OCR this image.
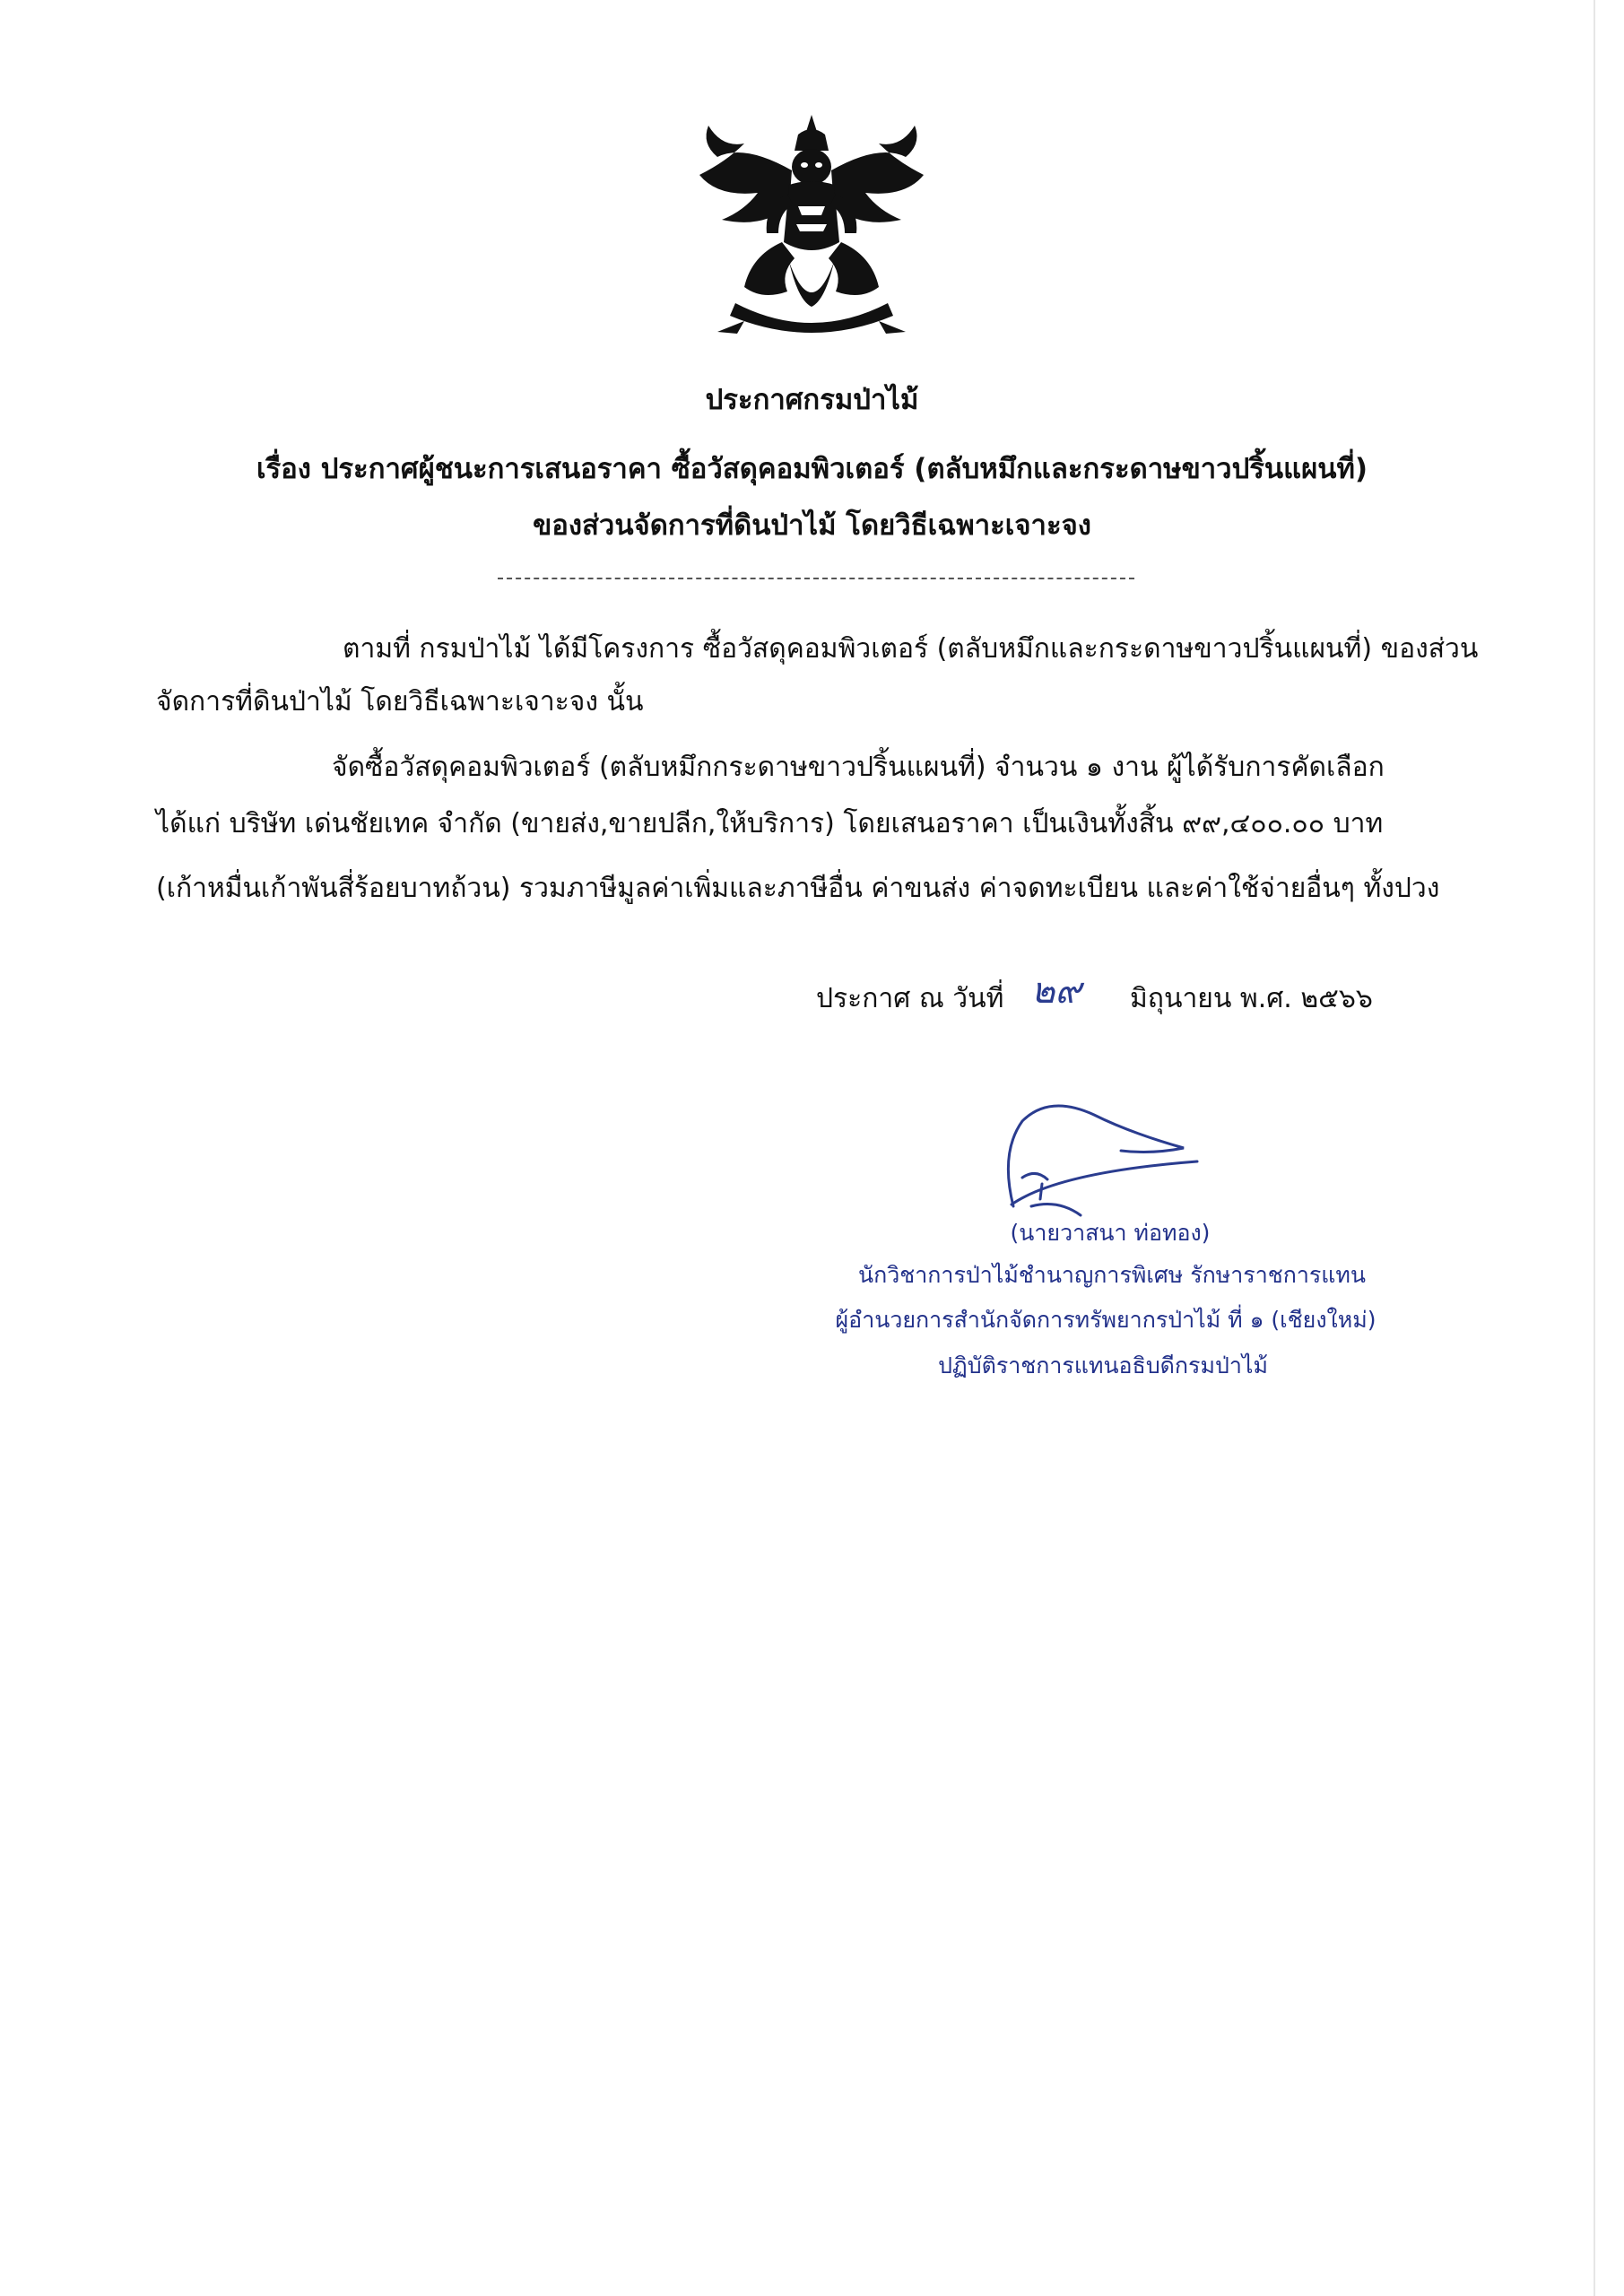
ประกาศกรมป่าไม้
เรื่อง ประกาศผู้ชนะการเสนอราคา ซื้อวัสดุคอมพิวเตอร์ (ตลับหมึกและกระดาษขาวปริ้นแผนที่)
ของส่วนจัดการที่ดินป่าไม้ โดยวิธีเฉพาะเจาะจง
ตามที่ กรมป่าไม้ ได้มีโครงการ ซื้อวัสดุคอมพิวเตอร์ (ตลับหมึกและกระดาษขาวปริ้นแผนที่) ของส่วน
จัดการที่ดินป่าไม้ โดยวิธีเฉพาะเจาะจง นั้น
จัดซื้อวัสดุคอมพิวเตอร์ (ตลับหมึกกระดาษขาวปริ้นแผนที่) จำนวน ๑ งาน ผู้ได้รับการคัดเลือก
ได้แก่ บริษัท เด่นชัยเทค จำกัด (ขายส่ง,ขายปลีก,ให้บริการ) โดยเสนอราคา เป็นเงินทั้งสิ้น ๙๙,๔๐๐.๐๐ บาท
(เก้าหมื่นเก้าพันสี่ร้อยบาทถ้วน) รวมภาษีมูลค่าเพิ่มและภาษีอื่น ค่าขนส่ง ค่าจดทะเบียน และค่าใช้จ่ายอื่นๆ ทั้งปวง
ประกาศ ณ วันที่ ๒๙ มิถุนายน พ.ศ. ๒๕๖๖
(นายวาสนา ท่อทอง)
นักวิชาการป่าไม้ชำนาญการพิเศษ รักษาราชการแทน
ผู้อำนวยการสำนักจัดการทรัพยากรป่าไม้ ที่ ๑ (เชียงใหม่)
ปฏิบัติราชการแทนอธิบดีกรมป่าไม้
